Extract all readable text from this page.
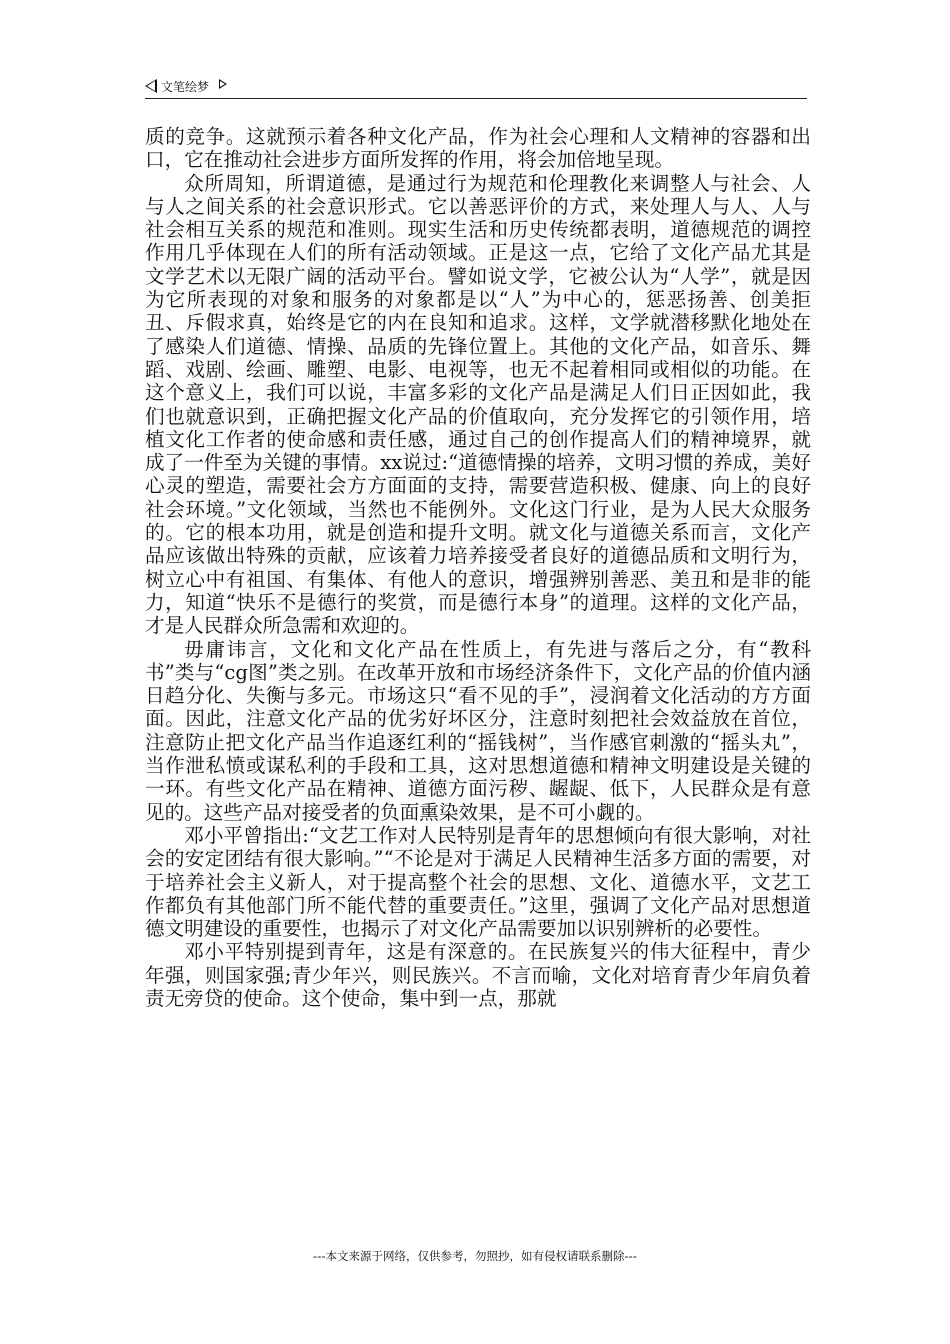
文笔绘梦

质的竞争。这就预示着各种文化产品，作为社会心理和人文精神的容器和出口，它在推动社会进步方面所发挥的作用，将会加倍地呈现。

众所周知，所谓道德，是通过行为规范和伦理教化来调整人与社会、人与人之间关系的社会意识形式。它以善恶评价的方式，来处理人与人、人与社会相互关系的规范和准则。现实生活和历史传统都表明，道德规范的调控作用几乎体现在人们的所有活动领域。正是这一点，它给了文化产品尤其是文学艺术以无限广阔的活动平台。譬如说文学，它被公认为“人学”，就是因为它所表现的对象和服务的对象都是以“人”为中心的，惩恶扬善、创美拒丑、斥假求真，始终是它的内在良知和追求。这样，文学就潜移默化地处在了感染人们道德、情操、品质的先锋位置上。其他的文化产品，如音乐、舞蹈、戏剧、绘画、雕塑、电影、电视等，也无不起着相同或相似的功能。在这个意义上，我们可以说，丰富多彩的文化产品是满足人们日正因如此，我们也就意识到，正确把握文化产品的价值取向，充分发挥它的引领作用，培植文化工作者的使命感和责任感，通过自己的创作提高人们的精神境界，就成了一件至为关键的事情。xx说过:“道德情操的培养，文明习惯的养成，美好心灵的塑造，需要社会方方面面的支持，需要营造积极、健康、向上的良好社会环境。”文化领域，当然也不能例外。文化这门行业，是为人民大众服务的。它的根本功用，就是创造和提升文明。就文化与道德关系而言，文化产品应该做出特殊的贡献，应该着力培养接受者良好的道德品质和文明行为，树立心中有祖国、有集体、有他人的意识，增强辨别善恶、美丑和是非的能力，知道“快乐不是德行的奖赏，而是德行本身”的道理。这样的文化产品，才是人民群众所急需和欢迎的。

毋庸讳言，文化和文化产品在性质上，有先进与落后之分，有“教科书”类与“cg图”类之别。在改革开放和市场经济条件下，文化产品的价值内涵日趋分化、失衡与多元。市场这只“看不见的手”，浸润着文化活动的方方面面。因此，注意文化产品的优劣好坏区分，注意时刻把社会效益放在首位，注意防止把文化产品当作追逐红利的“摇钱树”，当作感官刺激的“摇头丸”，当作泄私愤或谋私利的手段和工具，这对思想道德和精神文明建设是关键的一环。有些文化产品在精神、道德方面污秽、龌龊、低下，人民群众是有意见的。这些产品对接受者的负面熏染效果，是不可小觑的。

邓小平曾指出:“文艺工作对人民特别是青年的思想倾向有很大影响，对社会的安定团结有很大影响。”“不论是对于满足人民精神生活多方面的需要，对于培养社会主义新人，对于提高整个社会的思想、文化、道德水平，文艺工作都负有其他部门所不能代替的重要责任。”这里，强调了文化产品对思想道德文明建设的重要性，也揭示了对文化产品需要加以识别辨析的必要性。

邓小平特别提到青年，这是有深意的。在民族复兴的伟大征程中，青少年强，则国家强;青少年兴，则民族兴。不言而喻，文化对培育青少年肩负着责无旁贷的使命。这个使命，集中到一点，那就

---本文来源于网络，仅供参考，勿照抄，如有侵权请联系删除---
